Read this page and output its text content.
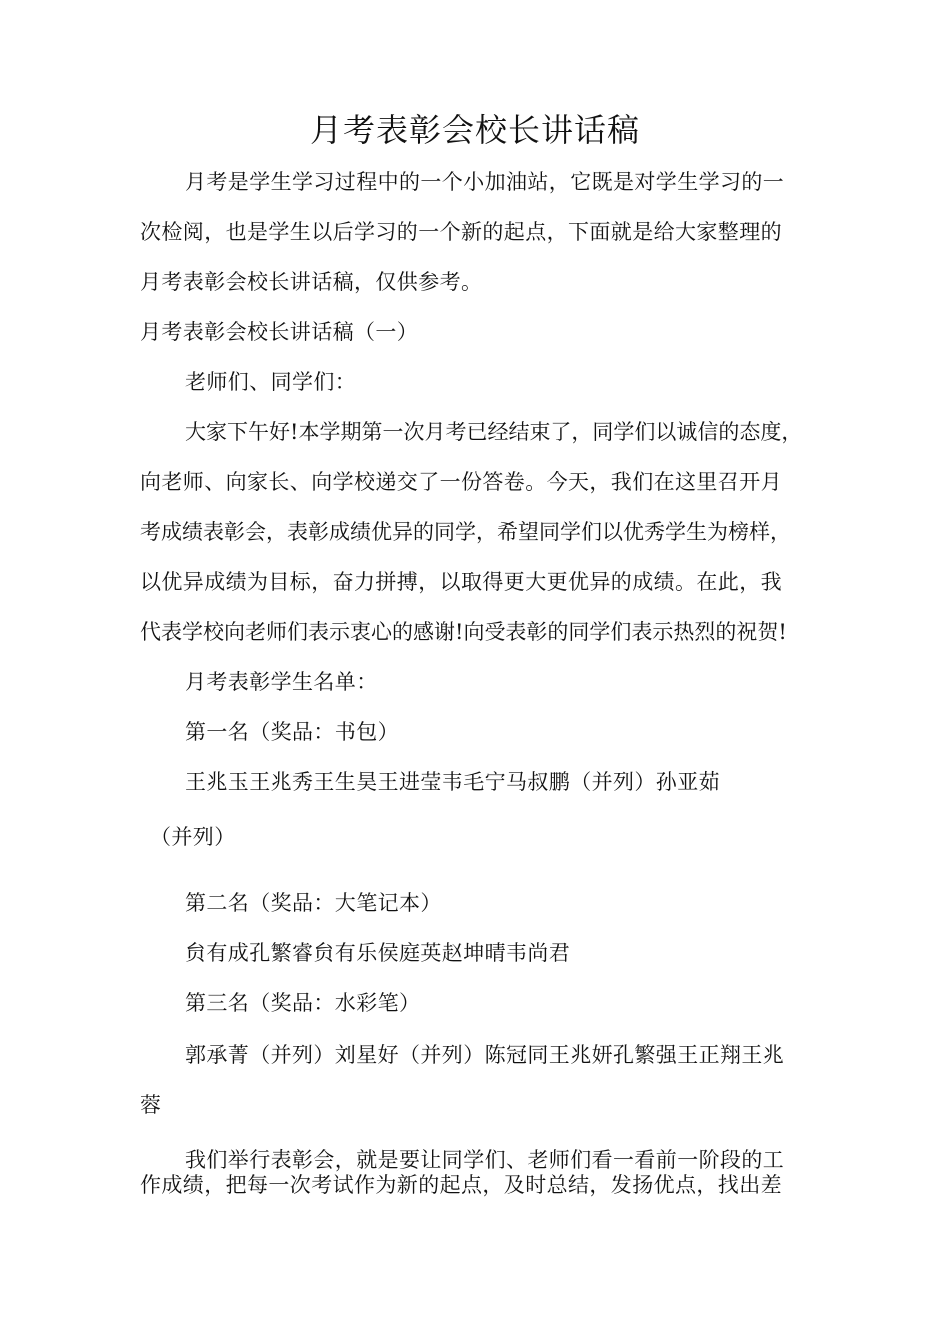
月考表彰会校长讲话稿
月考是学生学习过程中的一个小加油站，它既是对学生学习的一
次检阅，也是学生以后学习的一个新的起点，下面就是给大家整理的
月考表彰会校长讲话稿，仅供参考。
月考表彰会校长讲话稿（一）
老师们、同学们：
大家下午好!本学期第一次月考已经结束了，同学们以诚信的态度，
向老师、向家长、向学校递交了一份答卷。今天，我们在这里召开月
考成绩表彰会，表彰成绩优异的同学，希望同学们以优秀学生为榜样，
以优异成绩为目标，奋力拼搏，以取得更大更优异的成绩。在此，我
代表学校向老师们表示衷心的感谢!向受表彰的同学们表示热烈的祝贺!
月考表彰学生名单：
第一名（奖品：书包）
王兆玉王兆秀王生昊王进莹韦毛宁马叔鹏（并列）孙亚茹
（并列）
第二名（奖品：大笔记本）
贠有成孔繁睿贠有乐侯庭英赵坤晴韦尚君
第三名（奖品：水彩笔）
郭承菁（并列）刘星好（并列）陈冠同王兆妍孔繁强王正翔王兆
蓉
我们举行表彰会，就是要让同学们、老师们看一看前一阶段的工
作成绩，把每一次考试作为新的起点，及时总结，发扬优点，找出差
